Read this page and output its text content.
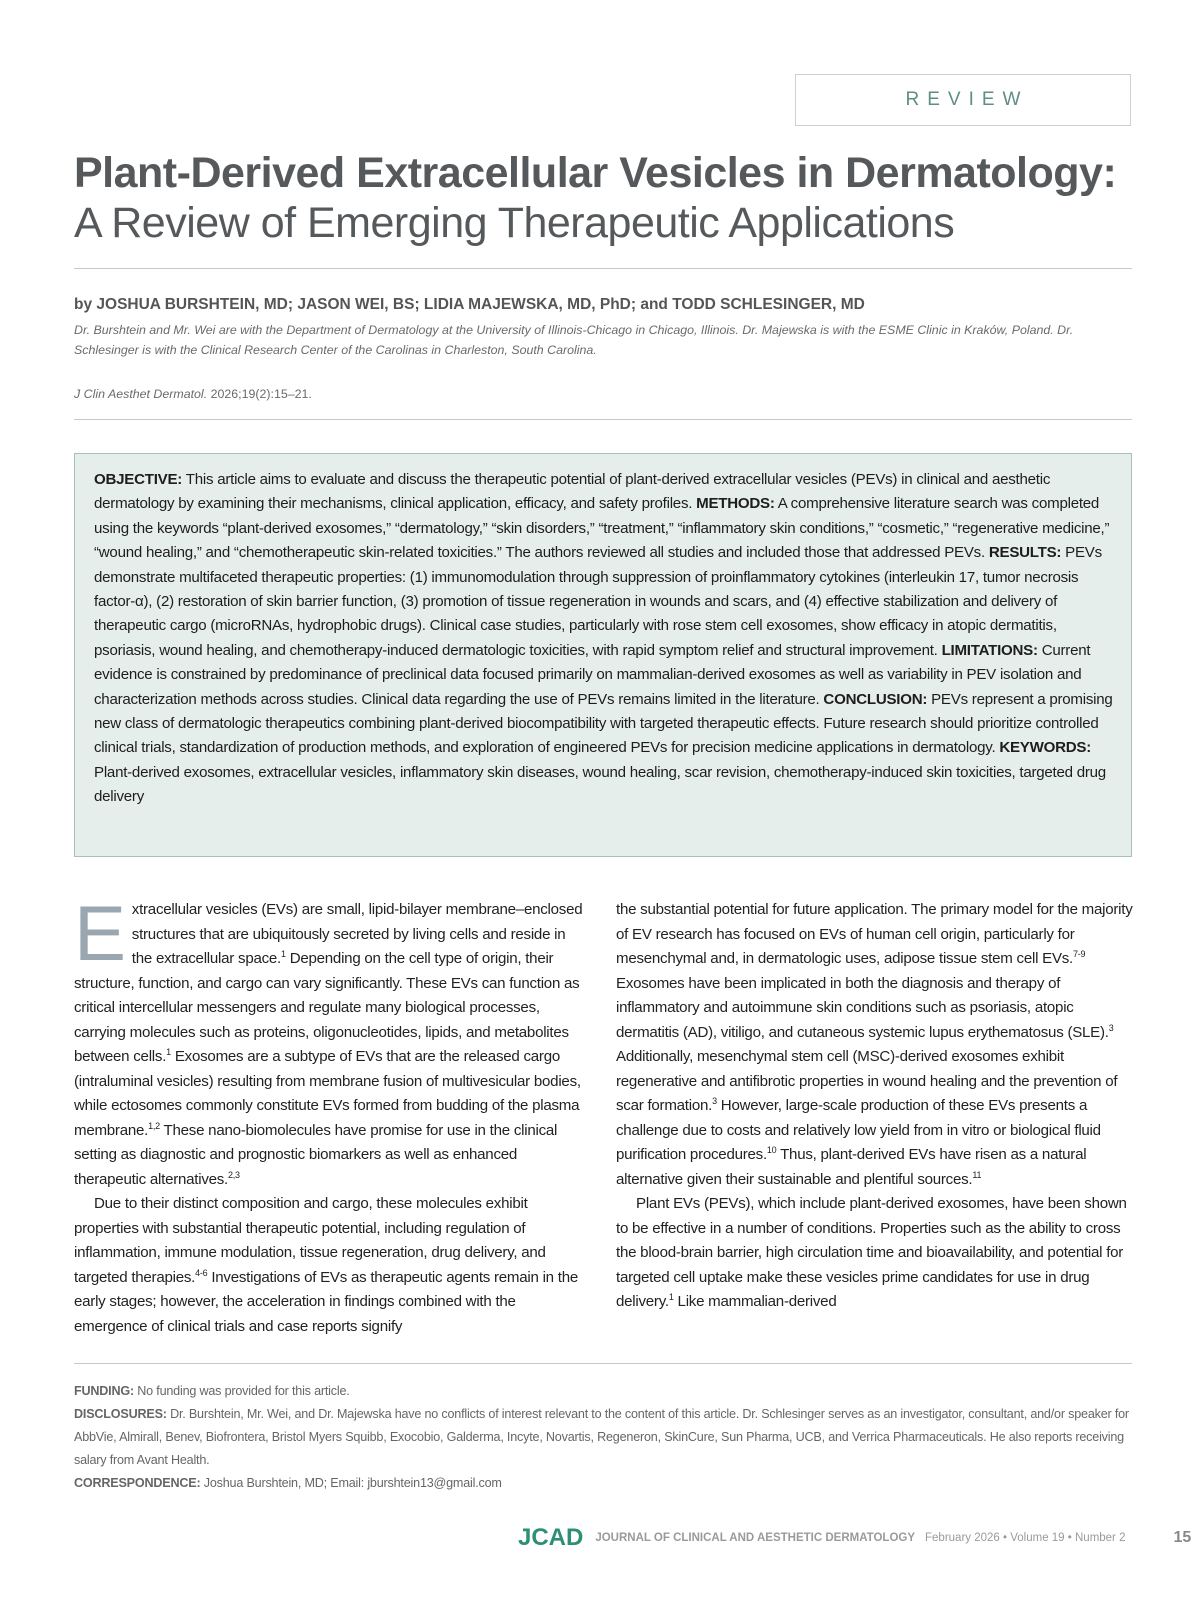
REVIEW
Plant-Derived Extracellular Vesicles in Dermatology:
A Review of Emerging Therapeutic Applications

by JOSHUA BURSHTEIN, MD; JASON WEI, BS; LIDIA MAJEWSKA, MD, PhD; and TODD SCHLESINGER, MD

Dr. Burshtein and Mr. Wei are with the Department of Dermatology at the University of Illinois-Chicago in Chicago, Illinois. Dr. Majewska is with the ESME Clinic in Kraków, Poland. Dr. Schlesinger is with the Clinical Research Center of the Carolinas in Charleston, South Carolina.

J Clin Aesthet Dermatol. 2026;19(2):15–21.

OBJECTIVE: This article aims to evaluate and discuss the therapeutic potential of plant-derived extracellular vesicles (PEVs) in clinical and aesthetic dermatology by examining their mechanisms, clinical application, efficacy, and safety profiles. METHODS: A comprehensive literature search was completed using the keywords “plant-derived exosomes,” “dermatology,” “skin disorders,” “treatment,” “inflammatory skin conditions,” “cosmetic,” “regenerative medicine,” “wound healing,” and “chemotherapeutic skin-related toxicities.” The authors reviewed all studies and included those that addressed PEVs. RESULTS: PEVs demonstrate multifaceted therapeutic properties: (1) immunomodulation through suppression of proinflammatory cytokines (interleukin 17, tumor necrosis factor-α), (2) restoration of skin barrier function, (3) promotion of tissue regeneration in wounds and scars, and (4) effective stabilization and delivery of therapeutic cargo (microRNAs, hydrophobic drugs). Clinical case studies, particularly with rose stem cell exosomes, show efficacy in atopic dermatitis, psoriasis, wound healing, and chemotherapy-induced dermatologic toxicities, with rapid symptom relief and structural improvement. LIMITATIONS: Current evidence is constrained by predominance of preclinical data focused primarily on mammalian-derived exosomes as well as variability in PEV isolation and characterization methods across studies. Clinical data regarding the use of PEVs remains limited in the literature. CONCLUSION: PEVs represent a promising new class of dermatologic therapeutics combining plant-derived biocompatibility with targeted therapeutic effects. Future research should prioritize controlled clinical trials, standardization of production methods, and exploration of engineered PEVs for precision medicine applications in dermatology. KEYWORDS: Plant-derived exosomes, extracellular vesicles, inflammatory skin diseases, wound healing, scar revision, chemotherapy-induced skin toxicities, targeted drug delivery

Extracellular vesicles (EVs) are small, lipid-bilayer membrane–enclosed structures that are ubiquitously secreted by living cells and reside in the extracellular space.$^1$ Depending on the cell type of origin, their structure, function, and cargo can vary significantly. These EVs can function as critical intercellular messengers and regulate many biological processes, carrying molecules such as proteins, oligonucleotides, lipids, and metabolites between cells.$^1$ Exosomes are a subtype of EVs that are the released cargo (intraluminal vesicles) resulting from membrane fusion of multivesicular bodies, while ectosomes commonly constitute EVs formed from budding of the plasma membrane.$^{1,2}$ These nano-biomolecules have promise for use in the clinical setting as diagnostic and prognostic biomarkers as well as enhanced therapeutic alternatives.$^{2,3}$

Due to their distinct composition and cargo, these molecules exhibit properties with substantial therapeutic potential, including regulation of inflammation, immune modulation, tissue regeneration, drug delivery, and targeted therapies.$^{4-6}$ Investigations of EVs as therapeutic agents remain in the early stages; however, the acceleration in findings combined with the emergence of clinical trials and case reports signify

the substantial potential for future application. The primary model for the majority of EV research has focused on EVs of human cell origin, particularly for mesenchymal and, in dermatologic uses, adipose tissue stem cell EVs.$^{7-9}$ Exosomes have been implicated in both the diagnosis and therapy of inflammatory and autoimmune skin conditions such as psoriasis, atopic dermatitis (AD), vitiligo, and cutaneous systemic lupus erythematosus (SLE).$^3$ Additionally, mesenchymal stem cell (MSC)-derived exosomes exhibit regenerative and antifibrotic properties in wound healing and the prevention of scar formation.$^3$ However, large-scale production of these EVs presents a challenge due to costs and relatively low yield from in vitro or biological fluid purification procedures.$^{10}$ Thus, plant-derived EVs have risen as a natural alternative given their sustainable and plentiful sources.$^{11}$

Plant EVs (PEVs), which include plant-derived exosomes, have been shown to be effective in a number of conditions. Properties such as the ability to cross the blood-brain barrier, high circulation time and bioavailability, and potential for targeted cell uptake make these vesicles prime candidates for use in drug delivery.$^1$ Like mammalian-derived

FUNDING: No funding was provided for this article.

DISCLOSURES: Dr. Burshtein, Mr. Wei, and Dr. Majewska have no conflicts of interest relevant to the content of this article. Dr. Schlesinger serves as an investigator, consultant, and/or speaker for AbbVie, Almirall, Benev, Biofrontera, Bristol Myers Squibb, Exocobio, Galderma, Incyte, Novartis, Regeneron, SkinCure, Sun Pharma, UCB, and Verrica Pharmaceuticals. He also reports receiving salary from Avant Health.

CORRESPONDENCE: Joshua Burshtein, MD; Email: jburshtein13@gmail.com

JCAD JOURNAL OF CLINICAL AND AESTHETIC DERMATOLOGY February 2026 • Volume 19 • Number 2	15
